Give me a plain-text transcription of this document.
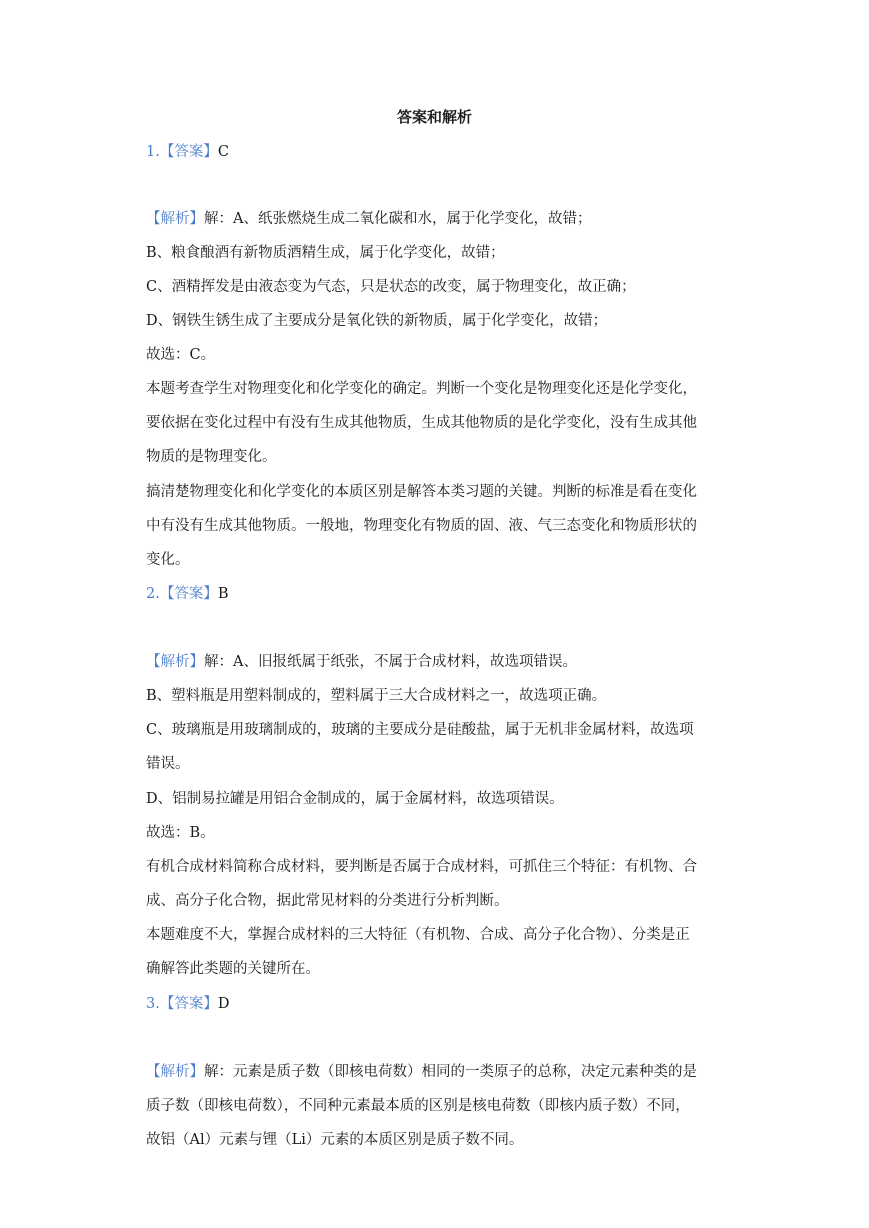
答案和解析
1.【答案】C
【解析】解：A、纸张燃烧生成二氧化碳和水，属于化学变化，故错；
B、粮食酿酒有新物质酒精生成，属于化学变化，故错；
C、酒精挥发是由液态变为气态，只是状态的改变，属于物理变化，故正确；
D、钢铁生锈生成了主要成分是氧化铁的新物质，属于化学变化，故错；
故选：C。
本题考查学生对物理变化和化学变化的确定。判断一个变化是物理变化还是化学变化，
要依据在变化过程中有没有生成其他物质，生成其他物质的是化学变化，没有生成其他
物质的是物理变化。
搞清楚物理变化和化学变化的本质区别是解答本类习题的关键。判断的标准是看在变化
中有没有生成其他物质。一般地，物理变化有物质的固、液、气三态变化和物质形状的
变化。
2.【答案】B
【解析】解：A、旧报纸属于纸张，不属于合成材料，故选项错误。
B、塑料瓶是用塑料制成的，塑料属于三大合成材料之一，故选项正确。
C、玻璃瓶是用玻璃制成的，玻璃的主要成分是硅酸盐，属于无机非金属材料，故选项
错误。
D、铝制易拉罐是用铝合金制成的，属于金属材料，故选项错误。
故选：B。
有机合成材料简称合成材料，要判断是否属于合成材料，可抓住三个特征：有机物、合
成、高分子化合物，据此常见材料的分类进行分析判断。
本题难度不大，掌握合成材料的三大特征（有机物、合成、高分子化合物）、分类是正
确解答此类题的关键所在。
3.【答案】D
【解析】解：元素是质子数（即核电荷数）相同的一类原子的总称，决定元素种类的是
质子数（即核电荷数），不同种元素最本质的区别是核电荷数（即核内质子数）不同，
故铝（Al）元素与锂（Li）元素的本质区别是质子数不同。
